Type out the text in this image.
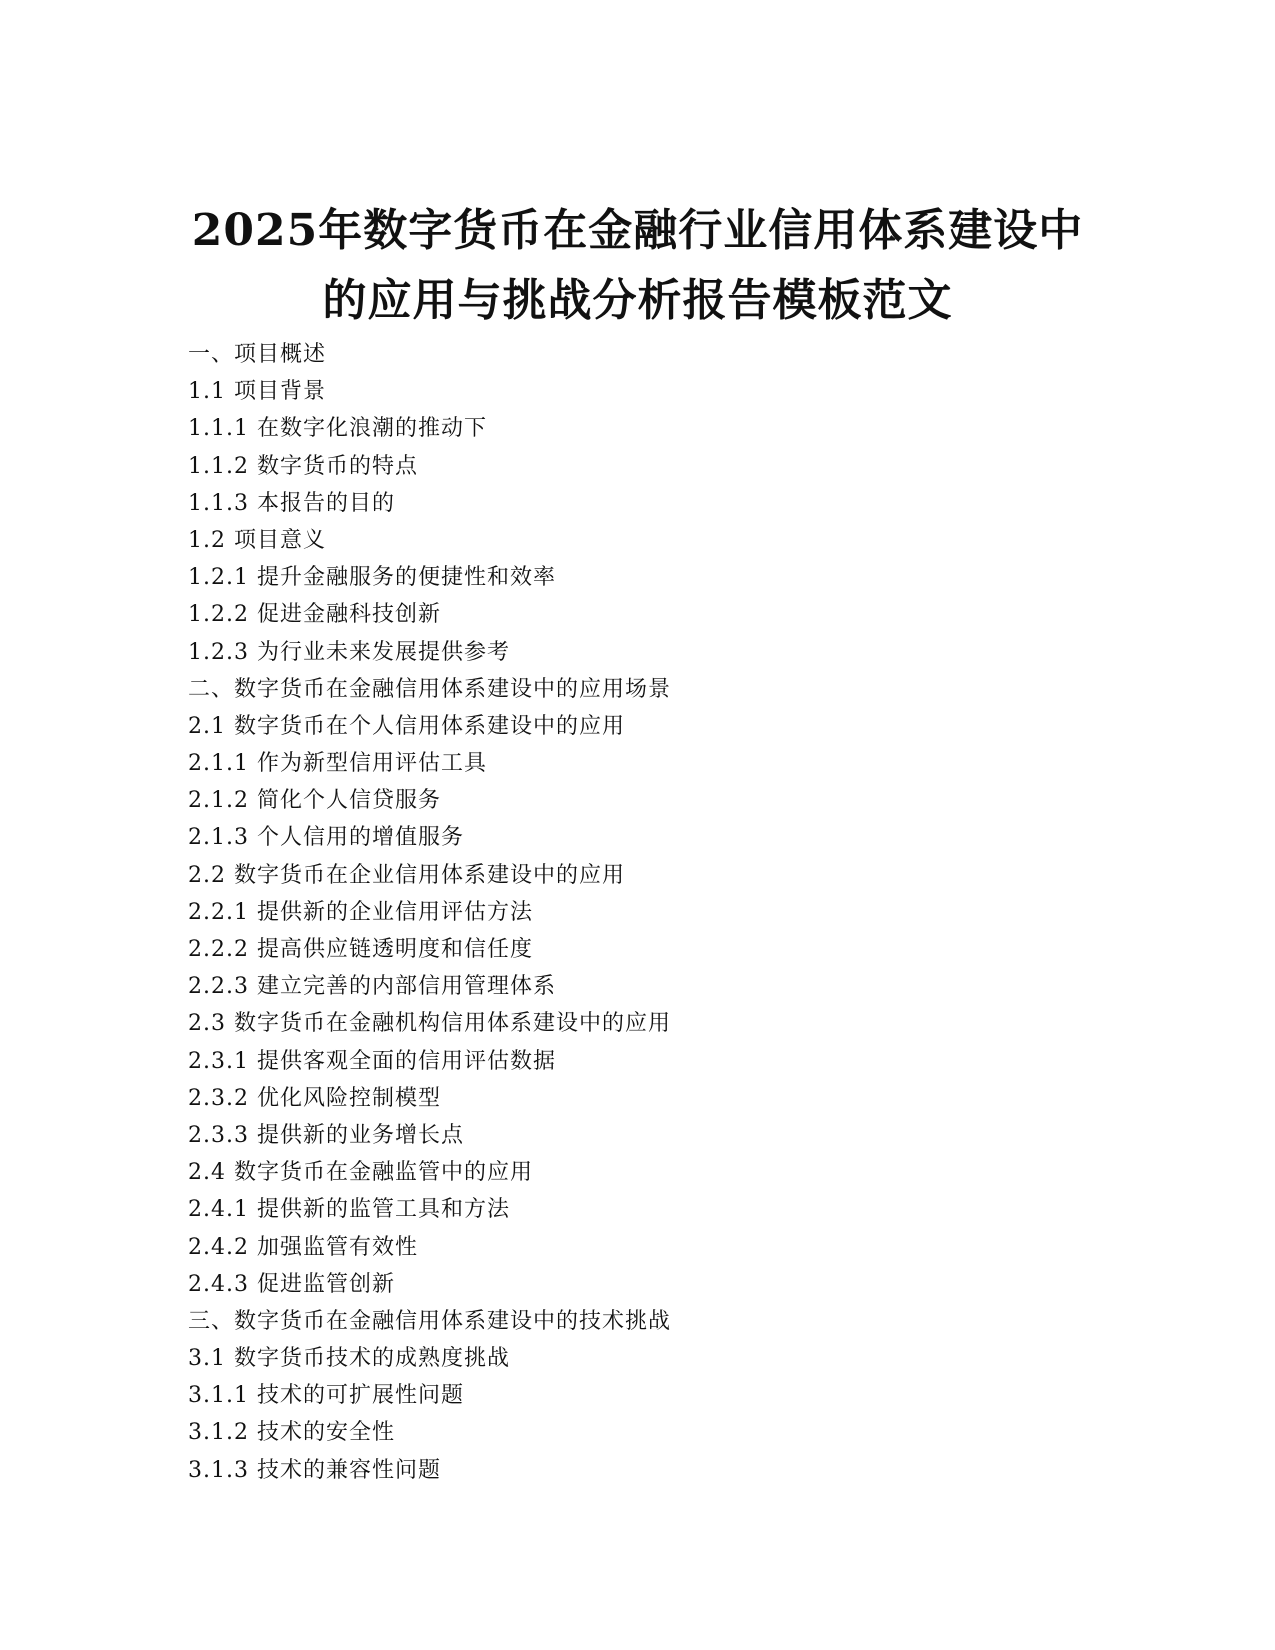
2025年数字货币在金融行业信用体系建设中
的应用与挑战分析报告模板范文
一、项目概述
1.1 项目背景
1.1.1 在数字化浪潮的推动下
1.1.2 数字货币的特点
1.1.3 本报告的目的
1.2 项目意义
1.2.1 提升金融服务的便捷性和效率
1.2.2 促进金融科技创新
1.2.3 为行业未来发展提供参考
二、数字货币在金融信用体系建设中的应用场景
2.1 数字货币在个人信用体系建设中的应用
2.1.1 作为新型信用评估工具
2.1.2 简化个人信贷服务
2.1.3 个人信用的增值服务
2.2 数字货币在企业信用体系建设中的应用
2.2.1 提供新的企业信用评估方法
2.2.2 提高供应链透明度和信任度
2.2.3 建立完善的内部信用管理体系
2.3 数字货币在金融机构信用体系建设中的应用
2.3.1 提供客观全面的信用评估数据
2.3.2 优化风险控制模型
2.3.3 提供新的业务增长点
2.4 数字货币在金融监管中的应用
2.4.1 提供新的监管工具和方法
2.4.2 加强监管有效性
2.4.3 促进监管创新
三、数字货币在金融信用体系建设中的技术挑战
3.1 数字货币技术的成熟度挑战
3.1.1 技术的可扩展性问题
3.1.2 技术的安全性
3.1.3 技术的兼容性问题
